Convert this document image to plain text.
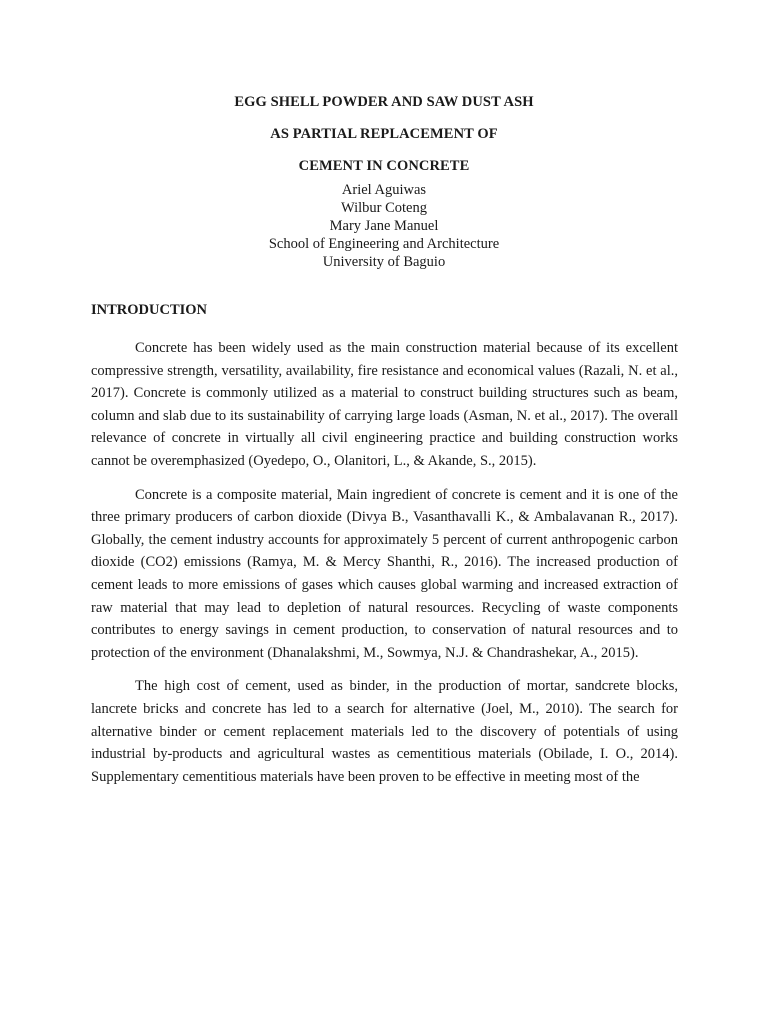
EGG SHELL POWDER AND SAW DUST ASH

AS PARTIAL REPLACEMENT OF

CEMENT IN CONCRETE

Ariel Aguiwas
Wilbur Coteng
Mary Jane Manuel
School of Engineering and Architecture
University of Baguio
INTRODUCTION

Concrete has been widely used as the main construction material because of its excellent compressive strength, versatility, availability, fire resistance and economical values (Razali, N. et al., 2017). Concrete is commonly utilized as a material to construct building structures such as beam, column and slab due to its sustainability of carrying large loads (Asman, N. et al., 2017). The overall relevance of concrete in virtually all civil engineering practice and building construction works cannot be overemphasized (Oyedepo, O., Olanitori, L., & Akande, S., 2015).

Concrete is a composite material, Main ingredient of concrete is cement and it is one of the three primary producers of carbon dioxide (Divya B., Vasanthavalli K., & Ambalavanan R., 2017). Globally, the cement industry accounts for approximately 5 percent of current anthropogenic carbon dioxide (CO2) emissions (Ramya, M. & Mercy Shanthi, R., 2016). The increased production of cement leads to more emissions of gases which causes global warming and increased extraction of raw material that may lead to depletion of natural resources. Recycling of waste components contributes to energy savings in cement production, to conservation of natural resources and to protection of the environment (Dhanalakshmi, M., Sowmya, N.J. & Chandrashekar, A., 2015).

The high cost of cement, used as binder, in the production of mortar, sandcrete blocks, lancrete bricks and concrete has led to a search for alternative (Joel, M., 2010). The search for alternative binder or cement replacement materials led to the discovery of potentials of using industrial by-products and agricultural wastes as cementitious materials (Obilade, I. O., 2014). Supplementary cementitious materials have been proven to be effective in meeting most of the
